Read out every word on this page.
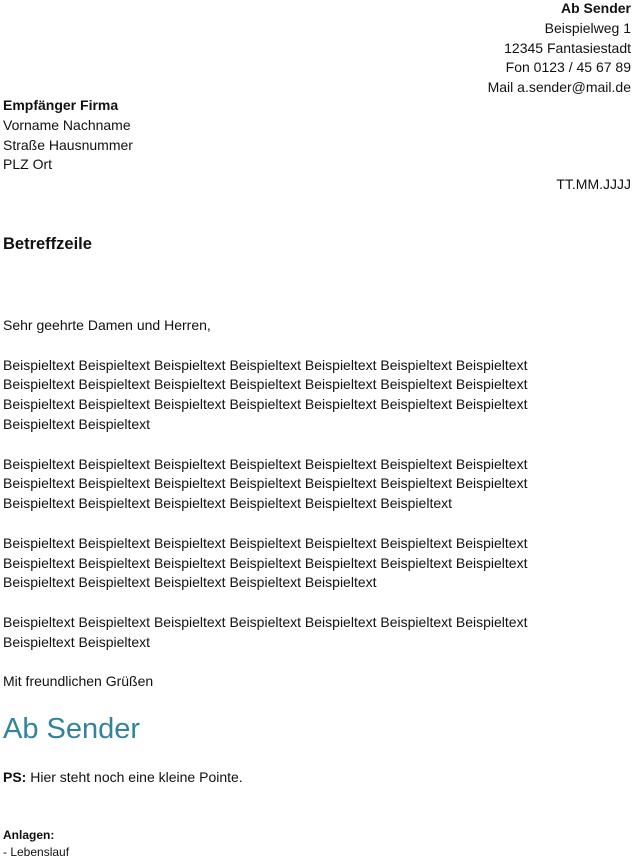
Ab Sender
Beispielweg 1
12345 Fantasiestadt
Fon 0123 / 45 67 89
Mail a.sender@mail.de
Empfänger Firma
Vorname Nachname
Straße Hausnummer
PLZ Ort
TT.MM.JJJJ
Betreffzeile

Sehr geehrte Damen und Herren,

Beispieltext Beispieltext Beispieltext Beispieltext Beispieltext Beispieltext Beispieltext Beispieltext Beispieltext Beispieltext Beispieltext Beispieltext Beispieltext Beispieltext Beispieltext Beispieltext Beispieltext Beispieltext Beispieltext Beispieltext Beispieltext Beispieltext Beispieltext

Beispieltext Beispieltext Beispieltext Beispieltext Beispieltext Beispieltext Beispieltext Beispieltext Beispieltext Beispieltext Beispieltext Beispieltext Beispieltext Beispieltext Beispieltext Beispieltext Beispieltext Beispieltext Beispieltext Beispieltext

Beispieltext Beispieltext Beispieltext Beispieltext Beispieltext Beispieltext Beispieltext Beispieltext Beispieltext Beispieltext Beispieltext Beispieltext Beispieltext Beispieltext Beispieltext Beispieltext Beispieltext Beispieltext Beispieltext

Beispieltext Beispieltext Beispieltext Beispieltext Beispieltext Beispieltext Beispieltext Beispieltext Beispieltext

Mit freundlichen Grüßen

Ab Sender
PS: Hier steht noch eine kleine Pointe.
Anlagen:
- Lebenslauf
